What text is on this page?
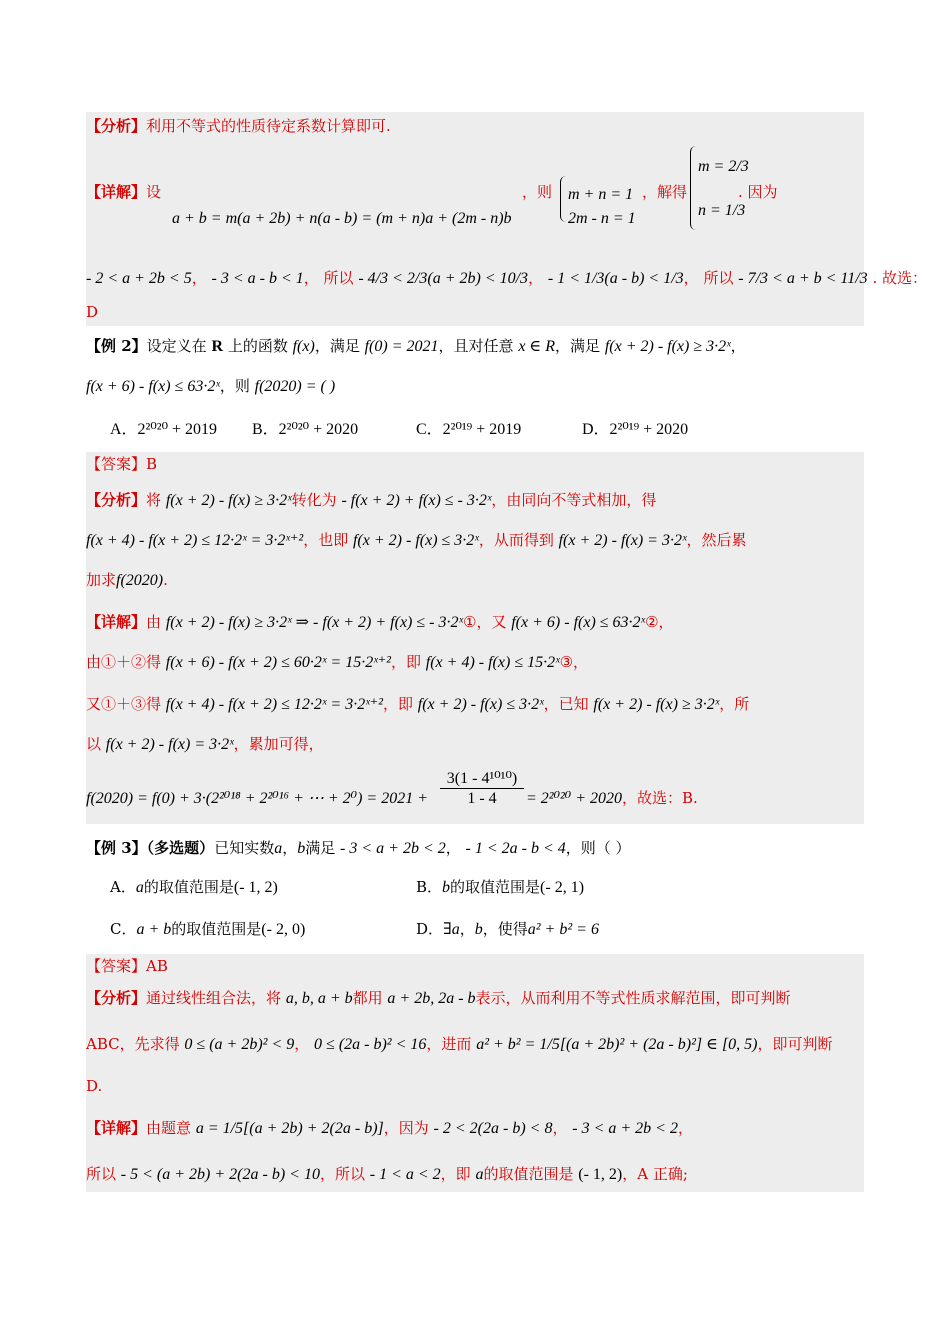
【分析】利用不等式的性质待定系数计算即可.
【详解】设
a + b = m(a + 2b) + n(a - b) = (m + n)a + (2m - n)b
，则 m + n = 1
2m - n = 1
，解得
m = 2/3
n = 1/3
. 因为
- 2 < a + 2b < 5， - 3 < a - b < 1， 所以 - 4/3 < 2/3(a + 2b) < 10/3， - 1 < 1/3(a - b) < 1/3， 所以 - 7/3 < a + b < 11/3 . 故选：
D
【例 2】设定义在 R 上的函数 f(x)，满足 f(0) = 2021，且对任意 x ∈ R，满足 f(x + 2) - f(x) ≥ 3·2ˣ，
f(x + 6) - f(x) ≤ 63·2ˣ，则 f(2020) = ( )
A．2²⁰²⁰ + 2019 B．2²⁰²⁰ + 2020	C．2²⁰¹⁹ + 2019	D．2²⁰¹⁹ + 2020
【答案】B
【分析】将 f(x + 2) - f(x) ≥ 3·2ˣ转化为 - f(x + 2) + f(x) ≤ - 3·2ˣ，由同向不等式相加，得
f(x + 4) - f(x + 2) ≤ 12·2ˣ = 3·2ˣ⁺²，也即 f(x + 2) - f(x) ≤ 3·2ˣ，从而得到 f(x + 2) - f(x) = 3·2ˣ，然后累
加求f(2020).
【详解】由 f(x + 2) - f(x) ≥ 3·2ˣ ⇒ - f(x + 2) + f(x) ≤ - 3·2ˣ①，又 f(x + 6) - f(x) ≤ 63·2ˣ②，
由①＋②得 f(x + 6) - f(x + 2) ≤ 60·2ˣ = 15·2ˣ⁺²，即 f(x + 4) - f(x) ≤ 15·2ˣ③，
又①＋③得 f(x + 4) - f(x + 2) ≤ 12·2ˣ = 3·2ˣ⁺²，即 f(x + 2) - f(x) ≤ 3·2ˣ，已知 f(x + 2) - f(x) ≥ 3·2ˣ，所
以 f(x + 2) - f(x) = 3·2ˣ，累加可得，
f(2020) = f(0) + 3·(2²⁰¹⁸ + 2²⁰¹⁶ + ⋯ + $2^0) = 2021 + \frac{\text{3(1 - 4¹⁰¹⁰)}}{1 - 4} = 2^{2020} + 2020$，故选：B.
【例 3】（多选题）已知实数a，b满足 - 3 < a + 2b < 2， - 1 < 2a - b < 4，则（ ）
A．a的取值范围是(- 1, 2)	B．b的取值范围是(- 2, 1)
C．a + b的取值范围是(- 2, 0)	D．∃a，b，使得a² + b² = 6
【答案】AB
【分析】通过线性组合法，将 a, b, a + b都用 a + 2b, 2a - b表示，从而利用不等式性质求解范围，即可判断
ABC，先求得 0 ≤ (a + 2b)² < 9， 0 ≤ (2a - b)² < 16，进而 a² + b² = 1/5[(a + 2b)² + (2a - b)²] ∈ [0, 5)，即可判断
D.
【详解】由题意 a = 1/5[(a + 2b) + 2(2a - b)]，因为 - 2 < 2(2a - b) < 8， - 3 < a + 2b < 2，
所以 - 5 < (a + 2b) + 2(2a - b) < 10，所以 - 1 < a < 2，即 a的取值范围是 (- 1, 2)，A 正确;
